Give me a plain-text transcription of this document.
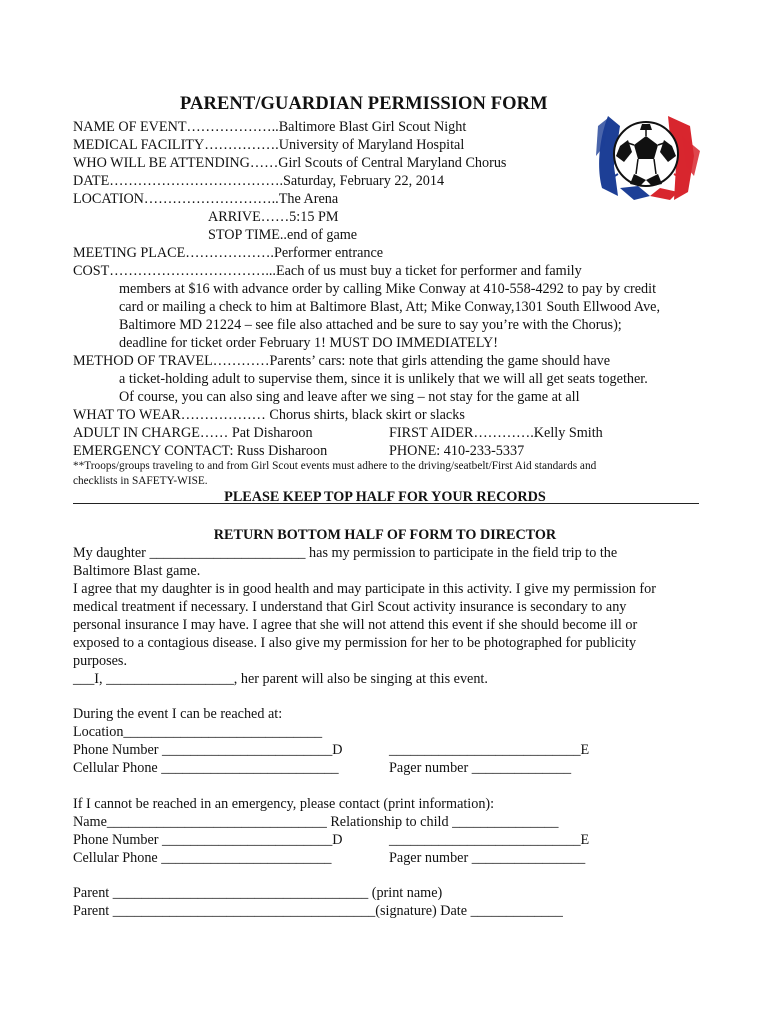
PARENT/GUARDIAN PERMISSION FORM
NAME OF EVENT………………..Baltimore Blast Girl Scout Night
MEDICAL FACILITY…………….University of Maryland Hospital
WHO WILL BE ATTENDING……Girl Scouts of Central Maryland Chorus
DATE……………………………….Saturday, February 22, 2014
LOCATION………………………..The Arena
ARRIVE……5:15 PM
STOP TIME..end of game
MEETING PLACE……………….Performer entrance
COST……………………………...Each of us must buy a ticket for performer and family
members at $16 with advance order by calling Mike Conway at 410-558-4292 to pay by credit
card or mailing a check to him at Baltimore Blast, Att; Mike Conway,1301 South Ellwood Ave,
Baltimore MD 21224 – see file also attached and be sure to say you’re with the Chorus);
deadline for ticket order February 1! MUST DO IMMEDIATELY!
METHOD OF TRAVEL…………Parents’ cars: note that girls attending the game should have
a ticket-holding adult to supervise them, since it is unlikely that we will all get seats together.
Of course, you can also sing and leave after we sing – not stay for the game at all
WHAT TO WEAR……………… Chorus shirts, black skirt or slacks
ADULT IN CHARGE…… Pat Disharoon	FIRST AIDER………….Kelly Smith
EMERGENCY CONTACT: Russ Disharoon	PHONE: 410-233-5337
**Troops/groups traveling to and from Girl Scout events must adhere to the driving/seatbelt/First Aid standards and
checklists in SAFETY-WISE.
PLEASE KEEP TOP HALF FOR YOUR RECORDS
RETURN BOTTOM HALF OF FORM TO DIRECTOR
My daughter ______________________ has my permission to participate in the field trip to the
Baltimore Blast game.
I agree that my daughter is in good health and may participate in this activity. I give my permission for
medical treatment if necessary. I understand that Girl Scout activity insurance is secondary to any
personal insurance I may have. I agree that she will not attend this event if she should become ill or
exposed to a contagious disease. I also give my permission for her to be photographed for publicity
purposes.
___I, __________________, her parent will also be singing at this event.
During the event I can be reached at:
Location____________________________
Phone Number ________________________D	___________________________E
Cellular Phone _________________________	Pager number ______________
If I cannot be reached in an emergency, please contact (print information):
Name_______________________________ Relationship to child _______________
Phone Number ________________________D	___________________________E
Cellular Phone ________________________	Pager number ________________
Parent ____________________________________ (print name)
Parent _____________________________________(signature) Date _____________
